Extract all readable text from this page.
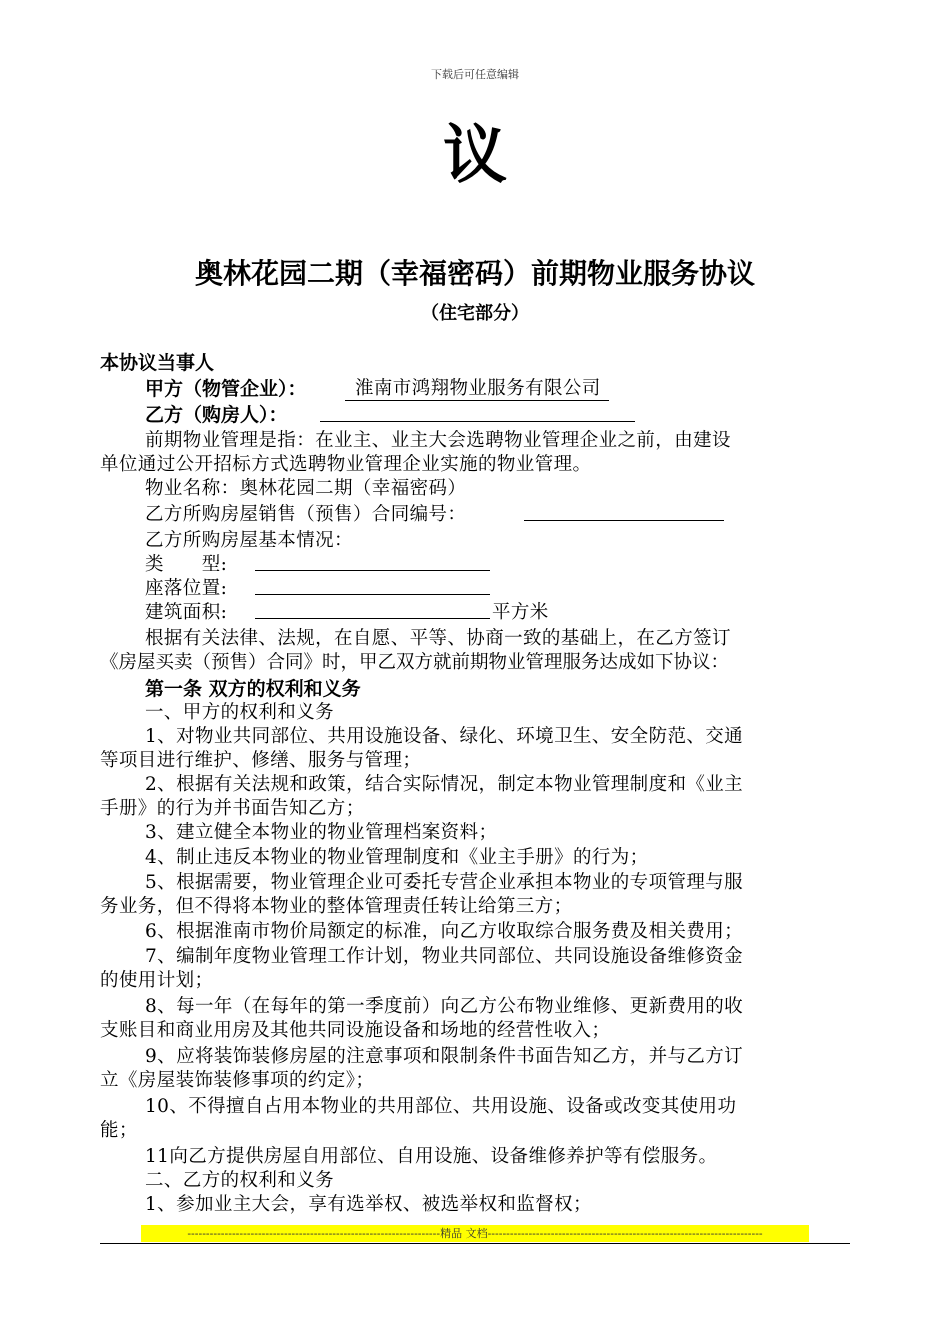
下载后可任意编辑
议
奥林花园二期（幸福密码）前期物业服务协议
（住宅部分）
本协议当事人
甲方（物管企业）：	淮南市鸿翔物业服务有限公司
乙方（购房人）：
前期物业管理是指：在业主、业主大会选聘物业管理企业之前，由建设
单位通过公开招标方式选聘物业管理企业实施的物业管理。
物业名称：奥林花园二期（幸福密码）
乙方所购房屋销售（预售）合同编号：
乙方所购房屋基本情况：
类　　型:
座落位置:
建筑面积:	平方米
根据有关法律、法规，在自愿、平等、协商一致的基础上，在乙方签订
《房屋买卖（预售）合同》时，甲乙双方就前期物业管理服务达成如下协议：
第一条 双方的权利和义务
一、甲方的权利和义务
1、对物业共同部位、共用设施设备、绿化、环境卫生、安全防范、交通
等项目进行维护、修缮、服务与管理；
2、根据有关法规和政策，结合实际情况，制定本物业管理制度和《业主
手册》的行为并书面告知乙方；
3、建立健全本物业的物业管理档案资料；
4、制止违反本物业的物业管理制度和《业主手册》的行为；
5、根据需要，物业管理企业可委托专营企业承担本物业的专项管理与服
务业务，但不得将本物业的整体管理责任转让给第三方；
6、根据淮南市物价局额定的标准，向乙方收取综合服务费及相关费用；
7、编制年度物业管理工作计划，物业共同部位、共同设施设备维修资金
的使用计划；
8、每一年（在每年的第一季度前）向乙方公布物业维修、更新费用的收
支账目和商业用房及其他共同设施设备和场地的经营性收入；
9、应将装饰装修房屋的注意事项和限制条件书面告知乙方，并与乙方订
立《房屋装饰装修事项的约定》；
10、不得擅自占用本物业的共用部位、共用设施、设备或改变其使用功
能；
11向乙方提供房屋自用部位、自用设施、设备维修养护等有偿服务。
二、乙方的权利和义务
1、参加业主大会，享有选举权、被选举权和监督权；
--------------------------------------------------------------------精品 文档--------------------------------------------------------------------------
